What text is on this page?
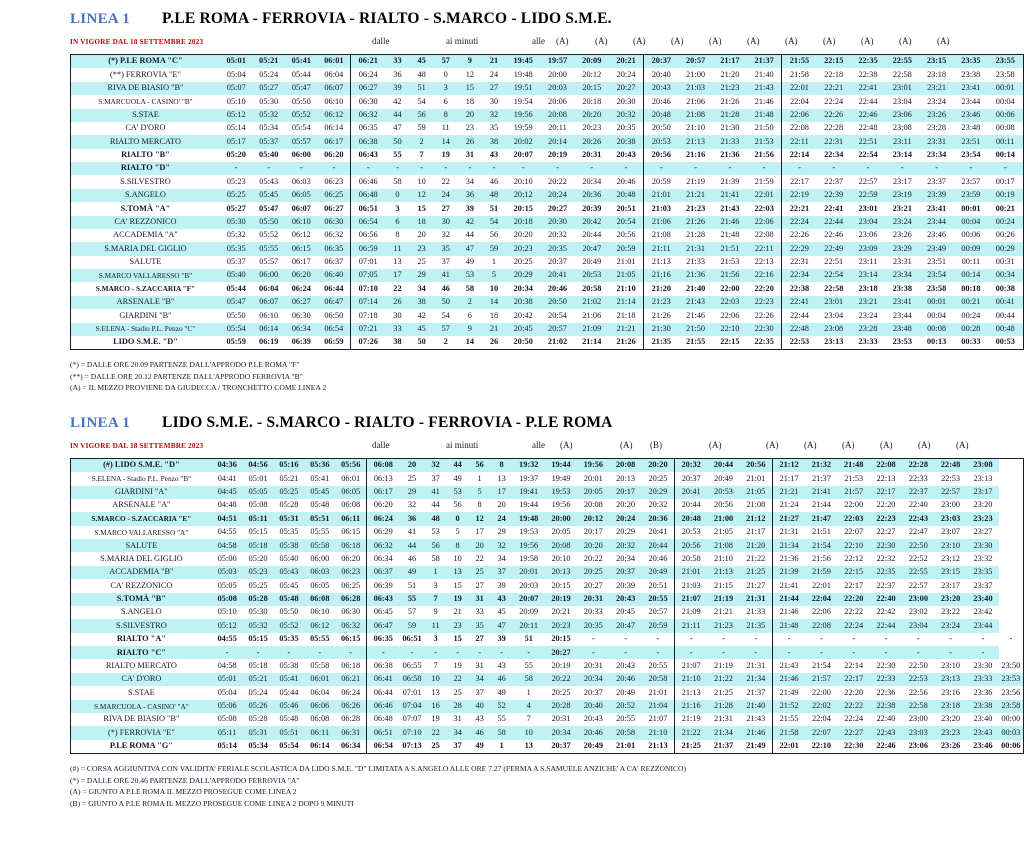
LINEA 1 P.LE ROMA - FERROVIA - RIALTO - S.MARCO - LIDO S.M.E.
IN VIGORE DAL 18 SETTEMBRE 2023	dalle	ai minuti	alle (A)	(A)	(A)	(A)	(A)	(A)	(A)	(A)	(A)	(A)	(A)
(*) P.LE ROMA "C"	05:01	05:21	05:41	06:01	06:21	33	45	57	9	21	19:45	19:57	20:09	20:21	20:37	20:57	21:17	21:37	21:55	22:15	22:35	22:55	23:15	23:35	23:55
(**) FERROVIA "E"	05:04	05:24	05:44	06:04	06:24	36	48	0	12	24	19:48	20:00	20:12	20:24	20:40	21:00	21:20	21:40	21:58	22:18	22:38	22:58	23:18	23:38	23:58
RIVA DE BIASIO "B"	05:07	05:27	05:47	06:07	06:27	39	51	3	15	27	19:51	20:03	20:15	20:27	20:43	21:03	21:23	21:43	22:01	22:21	22:41	23:01	23:21	23:41	00:01
S.MARCUOLA - CASINO' "B"	05:10	05:30	05:50	06:10	06:30	42	54	6	18	30	19:54	20:06	20:18	20:30	20:46	21:06	21:26	21:46	22:04	22:24	22:44	23:04	23:24	23:44	00:04
S.STAE	05:12	05:32	05:52	06:12	06:32	44	56	8	20	32	19:56	20:08	20:20	20:32	20:48	21:08	21:28	21:48	22:06	22:26	22:46	23:06	23:26	23:46	00:06
CA' D'ORO	05:14	05:34	05:54	06:14	06:35	47	59	11	23	35	19:59	20:11	20:23	20:35	20:50	21:10	21:30	21:50	22:08	22:28	22:48	23:08	23:28	23:48	00:08
RIALTO MERCATO	05:17	05:37	05:57	06:17	06:38	50	2	14	26	38	20:02	20:14	20:26	20:38	20:53	21:13	21:33	21:53	22:11	22:31	22:51	23:11	23:31	23:51	00:11
RIALTO "B"	05:20	05:40	06:00	06:20	06:43	55	7	19	31	43	20:07	20:19	20:31	20:43	20:56	21:16	21:36	21:56	22:14	22:34	22:54	23:14	23:34	23:54	00:14
RIALTO "D"	-	-	-	-	-	-	-	-	-	-	-	-	-	-	-	-	-	-	-	-	-	-	-	-	-
S.SILVESTRO	05:23	05:43	06:03	06:23	06:46	58	10	22	34	46	20:10	20:22	20:34	20:46	20:59	21:19	21:39	21:59	22:17	22:37	22:57	23:17	23:37	23:57	00:17
S.ANGELO	05:25	05:45	06:05	06:25	06:48	0	12	24	36	48	20:12	20:24	20:36	20:48	21:01	21:21	21:41	22:01	22:19	22:39	22:59	23:19	23:39	23:59	00:19
S.TOMÀ "A"	05:27	05:47	06:07	06:27	06:51	3	15	27	39	51	20:15	20:27	20:39	20:51	21:03	21:23	21:43	22:03	22:21	22:41	23:01	23:21	23:41	00:01	00:21
CA' REZZONICO	05:30	05:50	06:10	06:30	06:54	6	18	30	42	54	20:18	20:30	20:42	20:54	21:06	21:26	21:46	22:06	22:24	22:44	23:04	23:24	23:44	00:04	00:24
ACCADEMIA "A"	05:32	05:52	06:12	06:32	06:56	8	20	32	44	56	20:20	20:32	20:44	20:56	21:08	21:28	21:48	22:08	22:26	22:46	23:06	23:26	23:46	00:06	00:26
S.MARIA DEL GIGLIO	05:35	05:55	06:15	06:35	06:59	11	23	35	47	59	20:23	20:35	20:47	20:59	21:11	21:31	21:51	22:11	22:29	22:49	23:09	23:29	23:49	00:09	00:29
SALUTE	05:37	05:57	06:17	06:37	07:01	13	25	37	49	1	20:25	20:37	20:49	21:01	21:13	21:33	21:53	22:13	22:31	22:51	23:11	23:31	23:51	00:11	00:31
S.MARCO VALLARESSO "B"	05:40	06:00	06:20	06:40	07:05	17	29	41	53	5	20:29	20:41	20:53	21:05	21:16	21:36	21:56	22:16	22:34	22:54	23:14	23:34	23:54	00:14	00:34
S.MARCO - S.ZACCARIA "F"	05:44	06:04	06:24	06:44	07:10	22	34	46	58	10	20:34	20:46	20:58	21:10	21:20	21:40	22:00	22:20	22:38	22:58	23:18	23:38	23:58	00:18	00:38
ARSENALE "B"	05:47	06:07	06:27	06:47	07:14	26	38	50	2	14	20:38	20:50	21:02	21:14	21:23	21:43	22:03	22:23	22:41	23:01	23:21	23:41	00:01	00:21	00:41
GIARDINI "B"	05:50	06:10	06:30	06:50	07:18	30	42	54	6	18	20:42	20:54	21:06	21:18	21:26	21:46	22:06	22:26	22:44	23:04	23:24	23:44	00:04	00:24	00:44
S.ELENA - Stadio P.L. Penzo "C"	05:54	06:14	06:34	06:54	07:21	33	45	57	9	21	20:45	20:57	21:09	21:21	21:30	21:50	22:10	22:30	22:48	23:08	23:28	23:48	00:08	00:28	00:48
LIDO S.M.E. "D"	05:59	06:19	06:39	06:59	07:26	38	50	2	14	26	20:50	21:02	21:14	21:26	21:35	21:55	22:15	22:35	22:53	23:13	23:33	23:53	00:13	00:33	00:53
(*) = DALLE ORE 20.09 PARTENZE DALL'APPRODO P.LE ROMA "F"
(**) = DALLE ORE 20.12 PARTENZE DALL'APPRODO FERROVIA "B"
(A) = IL MEZZO PROVIENE DA GIUDECCA / TRONCHETTO COME LINEA 2
LINEA 1 LIDO S.M.E. - S.MARCO - RIALTO - FERROVIA - P.LE ROMA
IN VIGORE DAL 18 SETTEMBRE 2023	dalle	ai minuti	alle (A)	(A) (B)	(A)	(A)	(A)	(A)	(A)	(A)	(A)
(#) LIDO S.M.E. "D"	04:36	04:56	05:16	05:36	05:56	06:08	20	32	44	56	8	19:32	19:44	19:56	20:08	20:20	20:32	20:44	20:56	21:12	21:32	21:48	22:08	22:28	22:48	23:08	
S.ELENA - Stadio P.L. Penzo "B"	04:41	05:01	05:21	05:41	06:01	06:13	25	37	49	1	13	19:37	19:49	20:01	20:13	20:25	20:37	20:49	21:01	21:17	21:37	21:53	22:13	22:33	22:53	23:13	
GIARDINI "A"	04:45	05:05	05:25	05:45	06:05	06:17	29	41	53	5	17	19:41	19:53	20:05	20:17	20:29	20:41	20:53	21:05	21:21	21:41	21:57	22:17	22:37	22:57	23:17	
ARSENALE "A"	04:48	05:08	05:28	05:48	06:08	06:20	32	44	56	8	20	19:44	19:56	20:08	20:20	20:32	20:44	20:56	21:08	21:24	21:44	22:00	22:20	22:40	23:00	23:20	
S.MARCO - S.ZACCARIA "E"	04:51	05:11	05:31	05:51	06:11	06:24	36	48	0	12	24	19:48	20:00	20:12	20:24	20:36	20:48	21:00	21:12	21:27	21:47	22:03	22:23	22:43	23:03	23:23	
S.MARCO VALLARESSO "A"	04:55	05:15	05:35	05:55	06:15	06:29	41	53	5	17	29	19:53	20:05	20:17	20:29	20:41	20:53	21:05	21:17	21:31	21:51	22:07	22:27	22:47	23:07	23:27	
SALUTE	04:58	05:18	05:38	05:58	06:18	06:32	44	56	8	20	32	19:56	20:08	20:20	20:32	20:44	20:56	21:08	21:20	21:34	21:54	22:10	22:30	22:50	23:10	23:30	
S.MARIA DEL GIGLIO	05:00	05:20	05:40	06:00	06:20	06:34	46	58	10	22	34	19:58	20:10	20:22	20:34	20:46	20:58	21:10	21:22	21:36	21:56	22:12	22:32	22:52	23:12	23:32	
ACCADEMIA "B"	05:03	05:23	05:43	06:03	06:23	06:37	49	1	13	25	37	20:01	20:13	20:25	20:37	20:49	21:01	21:13	21:25	21:39	21:59	22:15	22:35	22:55	23:15	23:35	
CA' REZZONICO	05:05	05:25	05:45	06:05	06:25	06:39	51	3	15	27	39	20:03	20:15	20:27	20:39	20:51	21:03	21:15	21:27	21:41	22:01	22:17	22:37	22:57	23:17	23:37	
S.TOMÀ "B"	05:08	05:28	05:48	06:08	06:28	06:43	55	7	19	31	43	20:07	20:19	20:31	20:43	20:55	21:07	21:19	21:31	21:44	22:04	22:20	22:40	23:00	23:20	23:40	
S.ANGELO	05:10	05:30	05:50	06:10	06:30	06:45	57	9	21	33	45	20:09	20:21	20:33	20:45	20:57	21:09	21:21	21:33	21:46	22:06	22:22	22:42	23:02	23:22	23:42	
S.SILVESTRO	05:12	05:32	05:52	06:12	06:32	06:47	59	11	23	35	47	20:11	20:23	20:35	20:47	20:59	21:11	21:23	21:35	21:48	22:08	22:24	22:44	23:04	23:24	23:44	
RIALTO "A"	04:55	05:15	05:35	05:55	06:15	06:35	06:51	3	15	27	39	51	20:15	-	-	-	-	-	-	-	-	-	-	-	-	-	-
RIALTO "C"	-	-	-	-	-	-	-	-	-	-	-	-	20:27	-	-	-	-	-	-	-	-	-	-	-	-	-	
RIALTO MERCATO	04:58	05:18	05:38	05:58	06:18	06:38	06:55	7	19	31	43	55	20:19	20:31	20:43	20:55	21:07	21:19	21:31	21:43	21:54	22:14	22:30	22:50	23:10	23:30	23:50
CA' D'ORO	05:01	05:21	05:41	06:01	06:21	06:41	06:58	10	22	34	46	58	20:22	20:34	20:46	20:58	21:10	21:22	21:34	21:46	21:57	22:17	22:33	22:53	23:13	23:33	23:53
S.STAE	05:04	05:24	05:44	06:04	06:24	06:44	07:01	13	25	37	49	1	20:25	20:37	20:49	21:01	21:13	21:25	21:37	21:49	22:00	22:20	22:36	22:56	23:16	23:36	23:56
S.MARCUOLA - CASINO' "A"	05:06	05:26	05:46	06:06	06:26	06:46	07:04	16	28	40	52	4	20:28	20:40	20:52	21:04	21:16	21:28	21:40	21:52	22:02	22:22	22:38	22:58	23:18	23:38	23:58
RIVA DE BIASIO "B"	05:08	05:28	05:48	06:08	06:28	06:48	07:07	19	31	43	55	7	20:31	20:43	20:55	21:07	21:19	21:31	21:43	21:55	22:04	22:24	22:40	23:00	23:20	23:40	00:00
(*) FERROVIA "E"	05:11	05:31	05:51	06:11	06:31	06:51	07:10	22	34	46	58	10	20:34	20:46	20:58	21:10	21:22	21:34	21:46	21:58	22:07	22:27	22:43	23:03	23:23	23:43	00:03
P.LE ROMA "G"	05:14	05:34	05:54	06:14	06:34	06:54	07:13	25	37	49	1	13	20:37	20:49	21:01	21:13	21:25	21:37	21:49	22:01	22:10	22:30	22:46	23:06	23:26	23:46	00:06
(#) = CORSA AGGIUNTIVA CON VALIDITA' FERIALE SCOLASTICA DA LIDO S.M.E. "D" LIMITATA A S.ANGELO ALLE ORE 7.27 (FERMA A S.SAMUELE ANZICHE' A CA' REZZONICO)
(*) = DALLE ORE 20.46 PARTENZE DALL'APPRODO FERROVIA "A"
(A) = GIUNTO A P.LE ROMA IL MEZZO PROSEGUE COME LINEA 2
(B) = GIUNTO A P.LE ROMA IL MEZZO PROSEGUE COME LINEA 2 DOPO 9 MINUTI
